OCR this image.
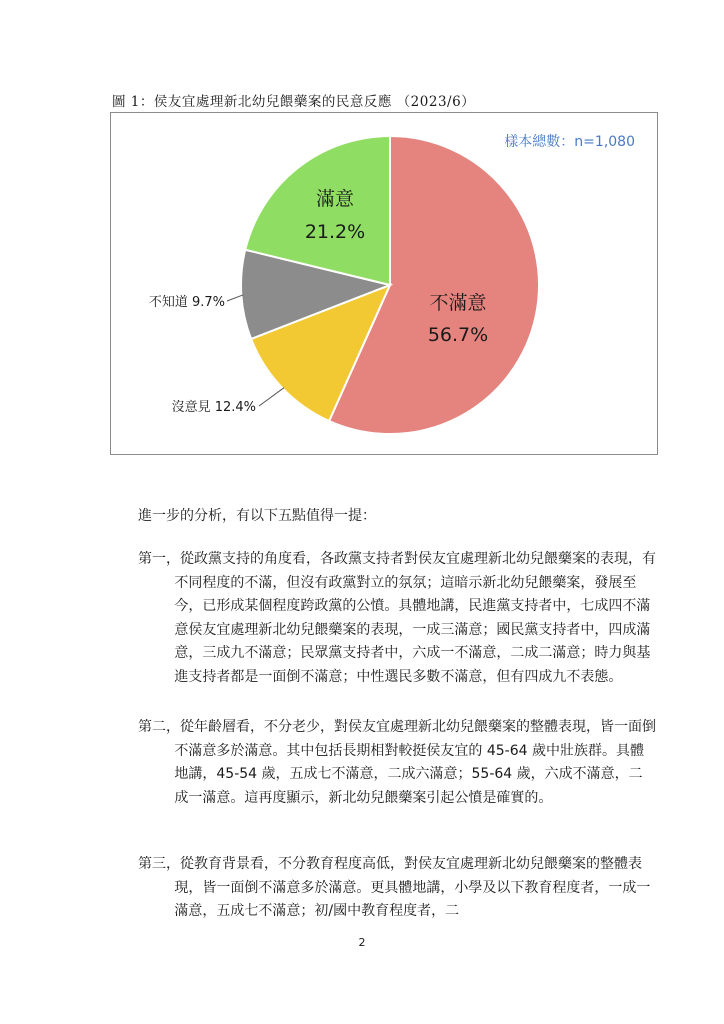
圖 1：侯友宜處理新北幼兒餵藥案的民意反應 （2023/6）
不滿意
56.7%
滿意
21.2%
不知道 9.7%
沒意見 12.4%
樣本總數：n=1,080
進一步的分析，有以下五點值得一提：

第一，從政黨支持的角度看，各政黨支持者對侯友宜處理新北幼兒餵藥案的表現，有不同程度的不滿，但沒有政黨對立的氛氛；這暗示新北幼兒餵藥案，發展至今，已形成某個程度跨政黨的公憤。具體地講，民進黨支持者中，七成四不滿意侯友宜處理新北幼兒餵藥案的表現，一成三滿意；國民黨支持者中，四成滿意，三成九不滿意；民眾黨支持者中，六成一不滿意，二成二滿意；時力與基進支持者都是一面倒不滿意；中性選民多數不滿意，但有四成九不表態。

第二，從年齡層看，不分老少，對侯友宜處理新北幼兒餵藥案的整體表現，皆一面倒不滿意多於滿意。其中包括長期相對較挺侯友宜的 45-64 歲中壯族群。具體地講，45-54 歲，五成七不滿意，二成六滿意；55-64 歲，六成不滿意，二成一滿意。這再度顯示，新北幼兒餵藥案引起公憤是確實的。

第三，從教育背景看，不分教育程度高低，對侯友宜處理新北幼兒餵藥案的整體表現，皆一面倒不滿意多於滿意。更具體地講，小學及以下教育程度者，一成一滿意，五成七不滿意；初/國中教育程度者，二

2
